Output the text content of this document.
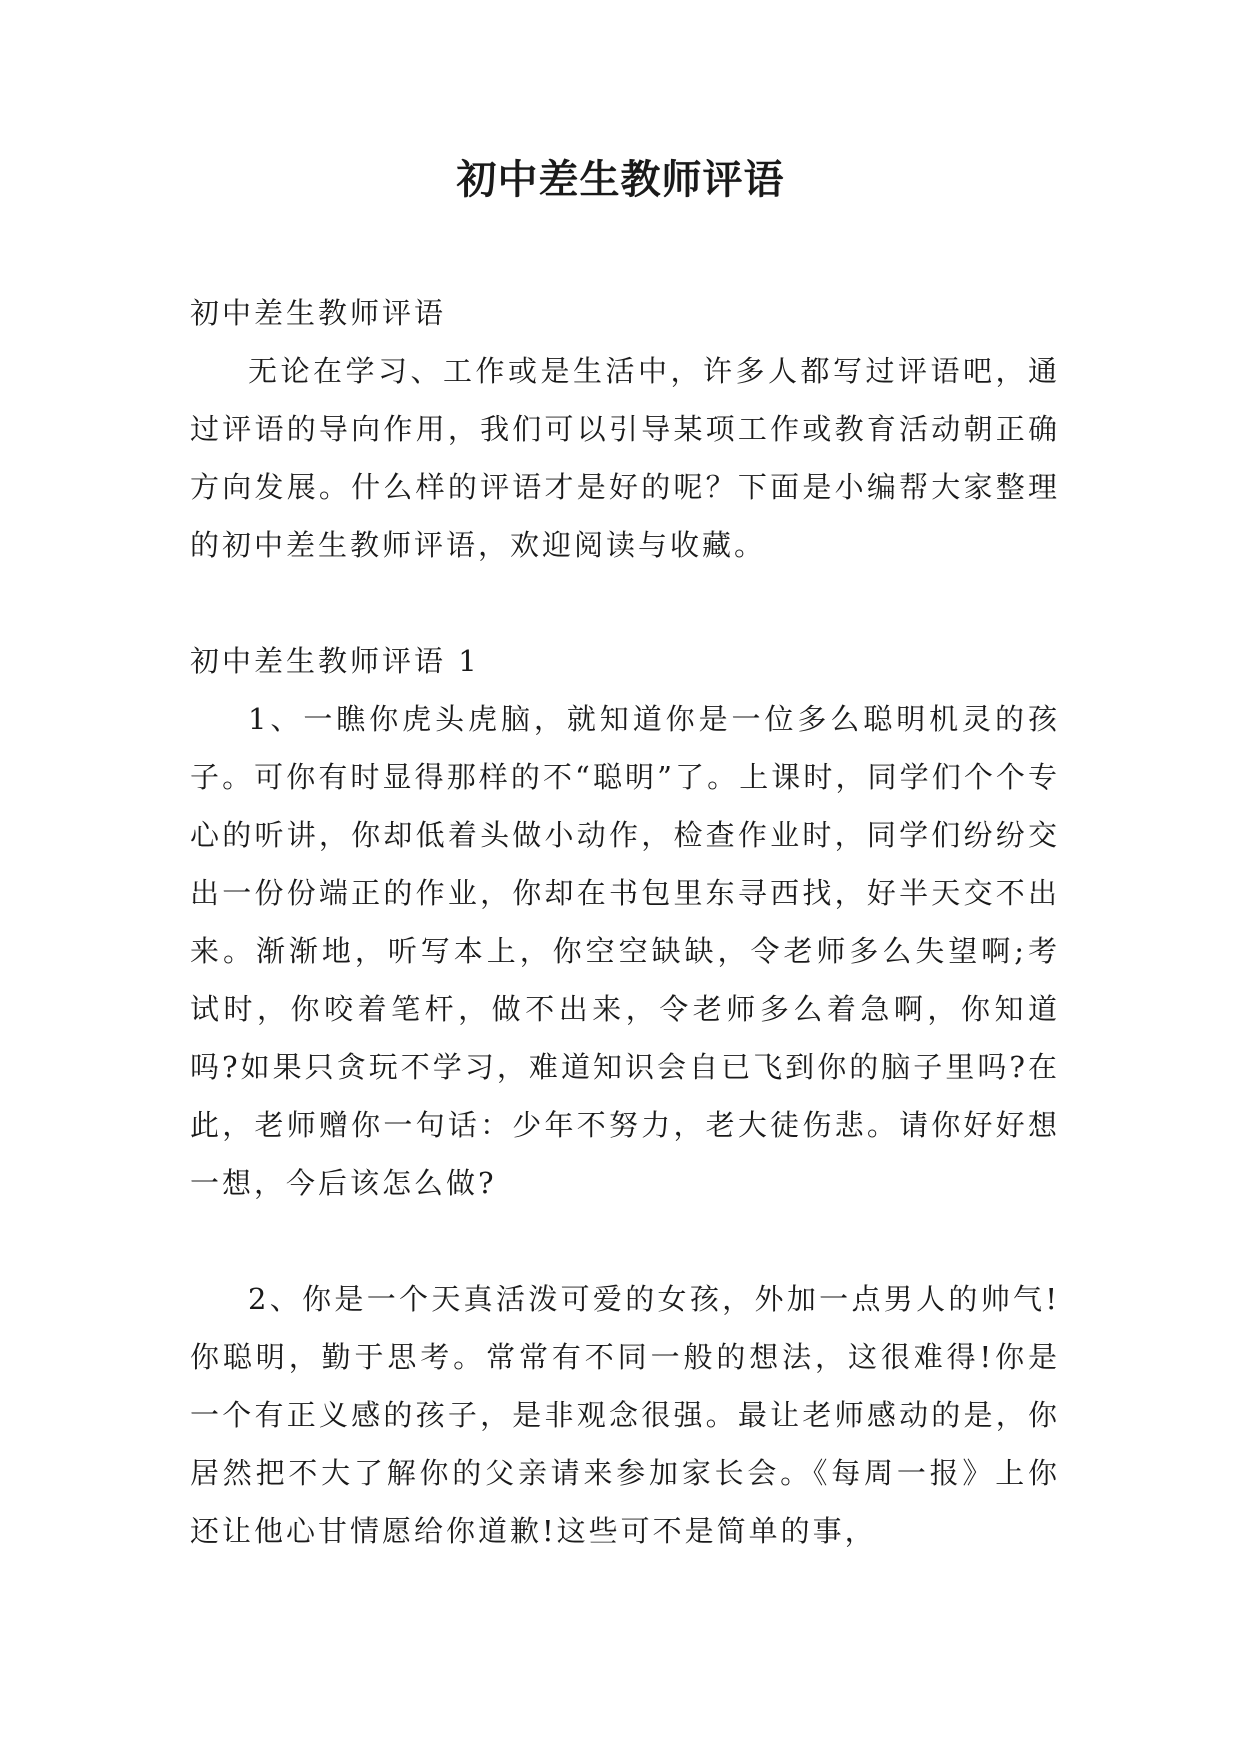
初中差生教师评语

初中差生教师评语

无论在学习、工作或是生活中，许多人都写过评语吧，通过评语的导向作用，我们可以引导某项工作或教育活动朝正确方向发展。什么样的评语才是好的呢？下面是小编帮大家整理的初中差生教师评语，欢迎阅读与收藏。

初中差生教师评语 1

1、一瞧你虎头虎脑，就知道你是一位多么聪明机灵的孩子。可你有时显得那样的不“聪明”了。上课时，同学们个个专心的听讲，你却低着头做小动作，检查作业时，同学们纷纷交出一份份端正的作业，你却在书包里东寻西找，好半天交不出来。渐渐地，听写本上，你空空缺缺，令老师多么失望啊;考试时，你咬着笔杆，做不出来，令老师多么着急啊，你知道吗?如果只贪玩不学习，难道知识会自已飞到你的脑子里吗?在此，老师赠你一句话：少年不努力，老大徒伤悲。请你好好想一想，今后该怎么做?

2、你是一个天真活泼可爱的女孩，外加一点男人的帅气!你聪明，勤于思考。常常有不同一般的想法，这很难得!你是一个有正义感的孩子，是非观念很强。最让老师感动的是，你居然把不大了解你的父亲请来参加家长会。《每周一报》上你还让他心甘情愿给你道歉!这些可不是简单的事，
